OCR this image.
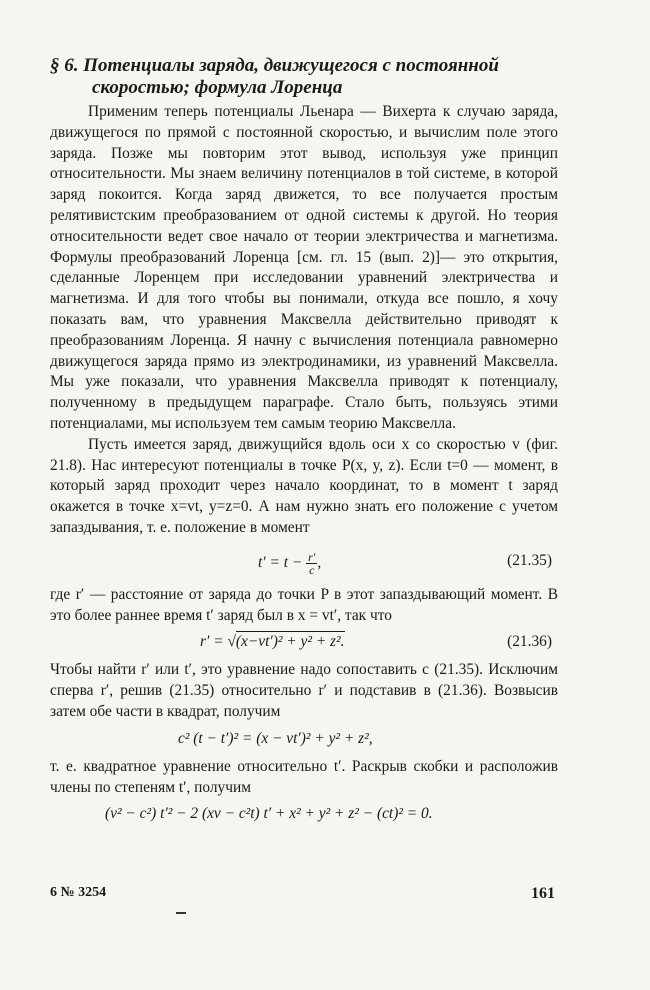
§ 6. Потенциалы заряда, движущегося с постоянной
скоростью; формула Лоренца

Применим теперь потенциалы Льенара — Вихерта к случаю заряда, движущегося по прямой с постоянной скоростью, и вычислим поле этого заряда. Позже мы повторим этот вывод, используя уже принцип относительности. Мы знаем величину потенциалов в той системе, в которой заряд покоится. Когда заряд движется, то все получается простым релятивистским преобразованием от одной системы к другой. Но теория относительности ведет свое начало от теории электричества и магнетизма. Формулы преобразований Лоренца [см. гл. 15 (вып. 2)]— это открытия, сделанные Лоренцем при исследовании уравнений электричества и магнетизма. И для того чтобы вы понимали, откуда все пошло, я хочу показать вам, что уравнения Максвелла действительно приводят к преобразованиям Лоренца. Я начну с вычисления потенциала равномерно движущегося заряда прямо из электродинамики, из уравнений Максвелла. Мы уже показали, что уравнения Максвелла приводят к потенциалу, полученному в предыдущем параграфе. Стало быть, пользуясь этими потенциалами, мы используем тем самым теорию Максвелла.

Пусть имеется заряд, движущийся вдоль оси x со скоростью v (фиг. 21.8). Нас интересуют потенциалы в точке P(x, y, z). Если t=0 — момент, в который заряд проходит через начало координат, то в момент t заряд окажется в точке x=vt, y=z=0. А нам нужно знать его положение с учетом запаздывания, т. е. положение в момент

$t' = t - \frac{r'}{c}$ ,	(21.35)

где r′ — расстояние от заряда до точки P в этот запаздывающий момент. В это более раннее время t′ заряд был в x = vt′, так что

r′ = √(x−vt′)² + y² + z².	(21.36)

Чтобы найти r′ или t′, это уравнение надо сопоставить с (21.35). Исключим сперва r′, решив (21.35) относительно r′ и подставив в (21.36). Возвысив затем обе части в квадрат, получим

c² (t − t′)² = (x − vt′)² + y² + z²,

т. е. квадратное уравнение относительно t′. Раскрыв скобки и расположив члены по степеням t′, получим

(v² − c²) t′² − 2 (xv − c²t) t′ + x² + y² + z² − (ct)² = 0.
6 № 3254	161
